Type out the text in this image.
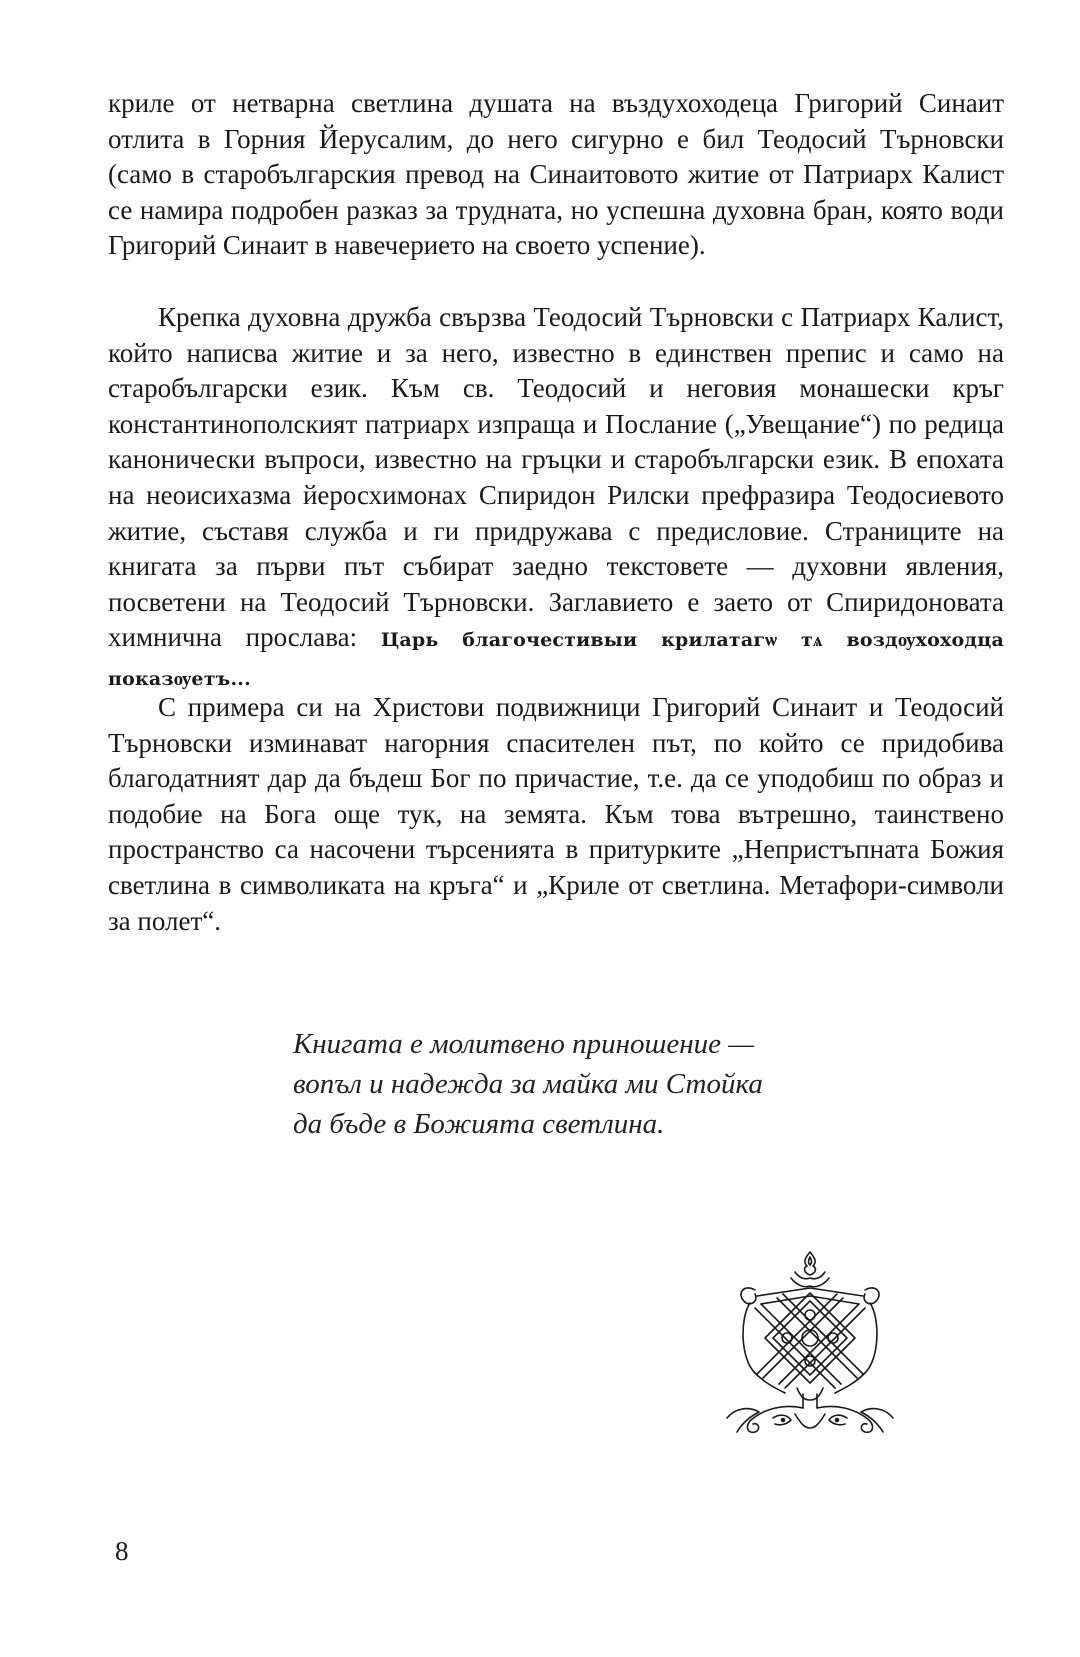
криле от нетварна светлина душата на въздухоходеца Григорий Синаит отлита в Горния Йерусалим, до него сигурно е бил Теодосий Търновски (само в старобългарския превод на Синаитовото житие от Патриарх Калист се намира подробен разказ за трудната, но успешна духовна бран, която води Григорий Синаит в навечерието на своето успение).

Крепка духовна дружба свързва Теодосий Търновски с Патриарх Калист, който написва житие и за него, известно в единствен препис и само на старобългарски език. Към св. Теодосий и неговия монашески кръг константинополският патриарх изпраща и Послание („Увещание“) по редица канонически въпроси, известно на гръцки и старобългарски език. В епохата на неоисихазма йеросхимонах Спиридон Рилски префразира Теодосиевото житие, съставя служба и ги придружава с предисловие. Страниците на книгата за първи път събират заедно текстовете — духовни явления, посветени на Теодосий Търновски. Заглавието е заето от Спиридоновата химнична прослава: Царь благочестивыи крилатагѡ тѧ воздѹхоходца показѹетъ...

С примера си на Христови подвижници Григорий Синаит и Теодосий Търновски изминават нагорния спасителен път, по който се придобива благодатният дар да бъдеш Бог по причастие, т.е. да се уподобиш по образ и подобие на Бога още тук, на земята. Към това вътрешно, таинствено пространство са насочени търсенията в притурките „Непристъпната Божия светлина в символиката на кръга“ и „Криле от светлина. Метафори-символи за полет“.

Книгата е молитвено приношение —
вопъл и надежда за майка ми Стойка
да бъде в Божията светлина.
8
